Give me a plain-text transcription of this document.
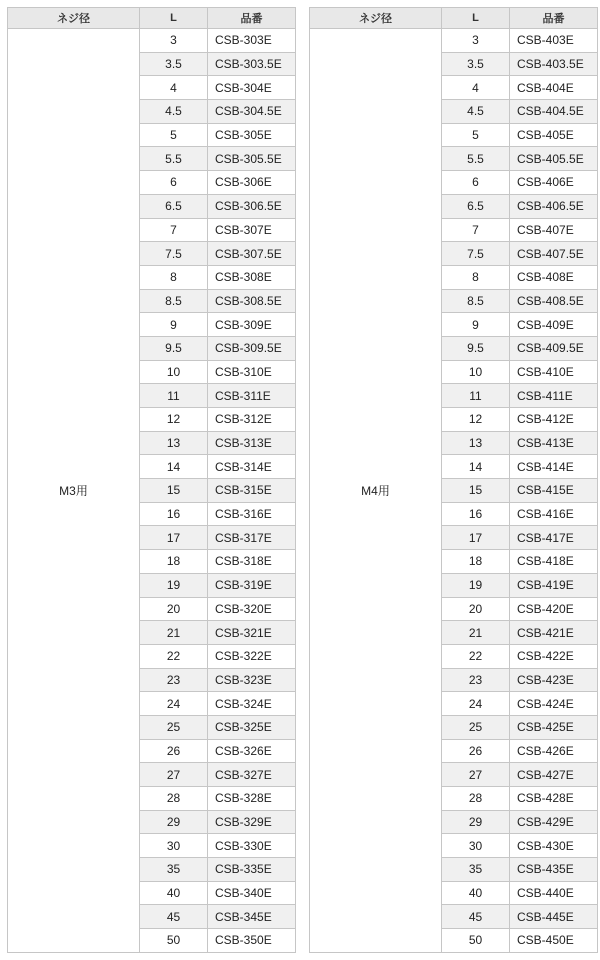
ネジ径	L	品番
M3用	3	CSB-303E
	3.5	CSB-303.5E
	4	CSB-304E
	4.5	CSB-304.5E
	5	CSB-305E
	5.5	CSB-305.5E
	6	CSB-306E
	6.5	CSB-306.5E
	7	CSB-307E
	7.5	CSB-307.5E
	8	CSB-308E
	8.5	CSB-308.5E
	9	CSB-309E
	9.5	CSB-309.5E
	10	CSB-310E
	11	CSB-311E
	12	CSB-312E
	13	CSB-313E
	14	CSB-314E
	15	CSB-315E
	16	CSB-316E
	17	CSB-317E
	18	CSB-318E
	19	CSB-319E
	20	CSB-320E
	21	CSB-321E
	22	CSB-322E
	23	CSB-323E
	24	CSB-324E
	25	CSB-325E
	26	CSB-326E
	27	CSB-327E
	28	CSB-328E
	29	CSB-329E
	30	CSB-330E
	35	CSB-335E
	40	CSB-340E
	45	CSB-345E
	50	CSB-350E
ネジ径	L	品番
M4用	3	CSB-403E
	3.5	CSB-403.5E
	4	CSB-404E
	4.5	CSB-404.5E
	5	CSB-405E
	5.5	CSB-405.5E
	6	CSB-406E
	6.5	CSB-406.5E
	7	CSB-407E
	7.5	CSB-407.5E
	8	CSB-408E
	8.5	CSB-408.5E
	9	CSB-409E
	9.5	CSB-409.5E
	10	CSB-410E
	11	CSB-411E
	12	CSB-412E
	13	CSB-413E
	14	CSB-414E
	15	CSB-415E
	16	CSB-416E
	17	CSB-417E
	18	CSB-418E
	19	CSB-419E
	20	CSB-420E
	21	CSB-421E
	22	CSB-422E
	23	CSB-423E
	24	CSB-424E
	25	CSB-425E
	26	CSB-426E
	27	CSB-427E
	28	CSB-428E
	29	CSB-429E
	30	CSB-430E
	35	CSB-435E
	40	CSB-440E
	45	CSB-445E
	50	CSB-450E
